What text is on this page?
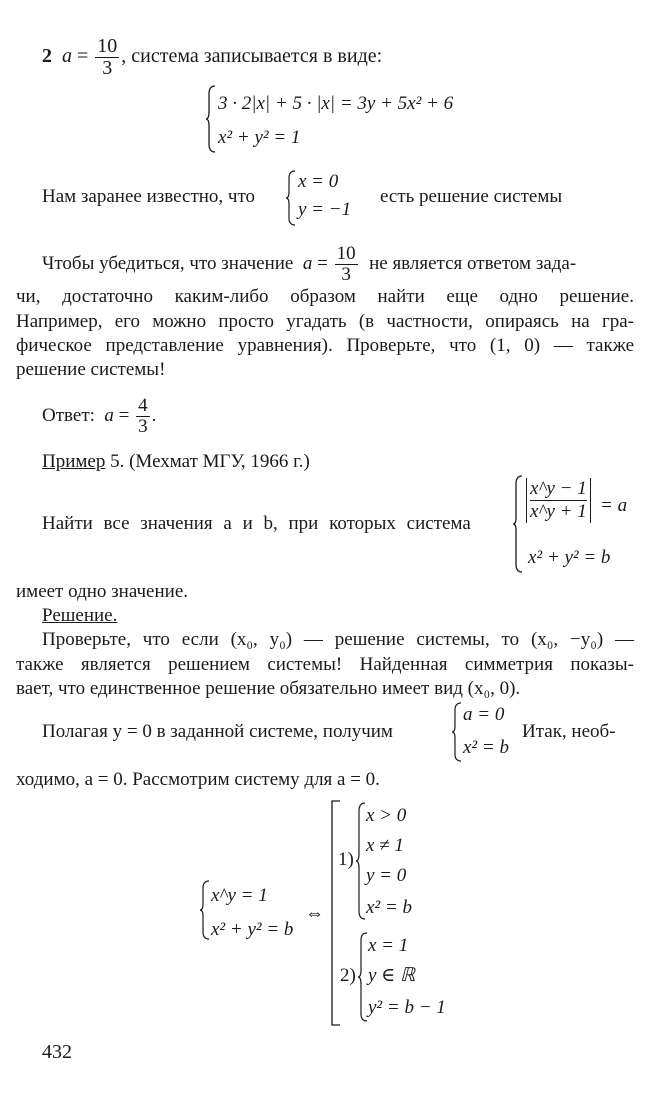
2 $a = \frac{10}{3}$ , система записывается в виде:
3 · 2|x| + 5 · |x| = 3y + 5x² + 6
x² + y² = 1
Нам заранее известно, что
x = 0
y = −1
есть решение системы
Чтобы убедиться, что значение $a = \frac{10}{3}$ не является ответом зада-
чи, достаточно каким-либо образом найти еще одно решение.
Например, его можно просто угадать (в частности, опираясь на гра-
фическое представление уравнения). Проверьте, что (1, 0) — также
решение системы!
Ответ: $a = \frac{4}{3}$ .
Пример 5. (Мехмат МГУ, 1966 г.)
Найти все значения a и b, при которых система
$\frac{x\^{}y - 1}{x\^{}y + 1} = a$
x² + y² = b
имеет одно значение.
Решение.
Проверьте, что если (x₀, y₀) — решение системы, то (x₀, −y₀) —
также является решением системы! Найденная симметрия показы-
вает, что единственное решение обязательно имеет вид (x₀, 0).
Полагая y = 0 в заданной системе, получим
a = 0
x² = b
Итак, необ-
ходимо, a = 0. Рассмотрим систему для a = 0.
x^y = 1
x² + y² = b
⇔
1)
x > 0
x ≠ 1
y = 0
x² = b
2)
x = 1
y ∈ ℝ
y² = b − 1
432
